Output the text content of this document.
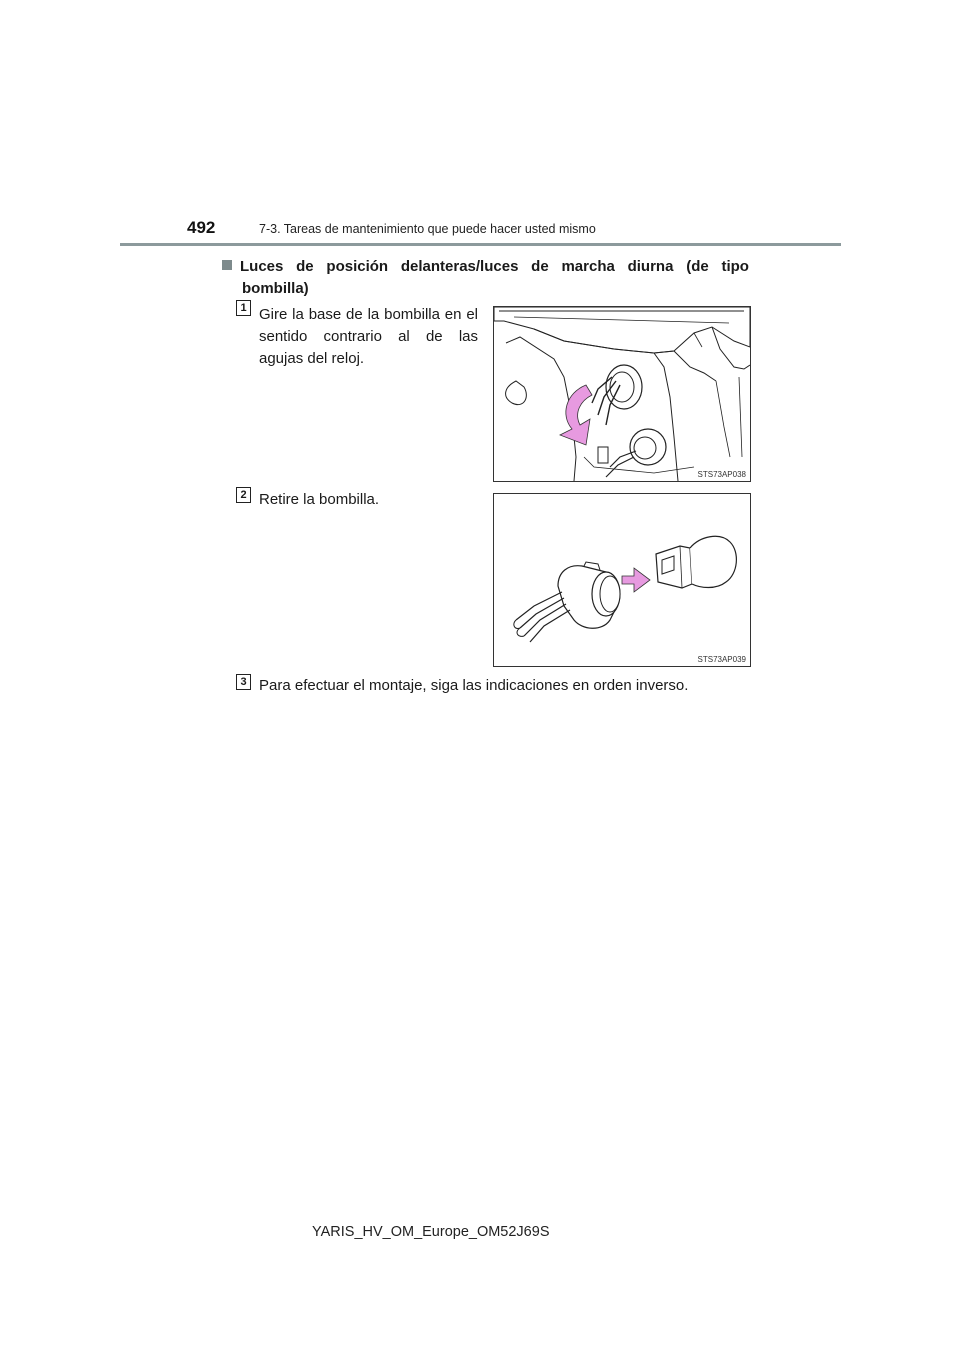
492	7-3. Tareas de mantenimiento que puede hacer usted mismo
Luces de posición delanteras/luces de marcha diurna (de tipo
bombilla)
1 Gire la base de la bombilla en el
sentido contrario al de las
agujas del reloj.
STS73AP038
2 Retire la bombilla.
STS73AP039
3 Para efectuar el montaje, siga las indicaciones en orden inverso.
YARIS_HV_OM_Europe_OM52J69S
